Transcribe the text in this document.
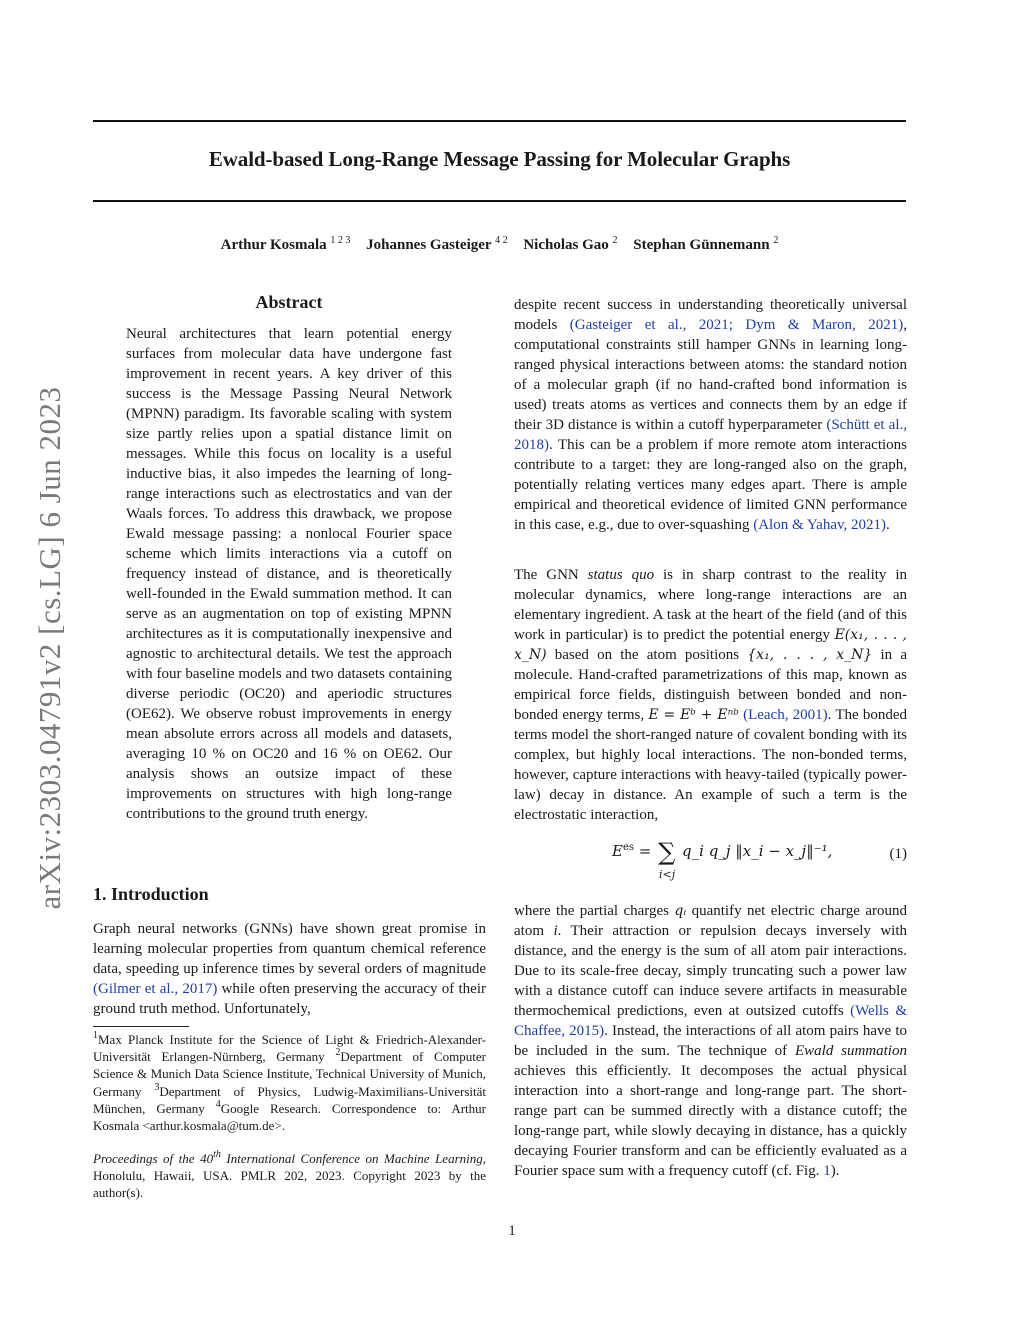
Ewald-based Long-Range Message Passing for Molecular Graphs
Arthur Kosmala $^{1 2 3}$ Johannes Gasteiger $^{4 2}$ Nicholas Gao $^2$ Stephan Günnemann $^2$
arXiv:2303.04791v2 [cs.LG] 6 Jun 2023
Abstract
Neural architectures that learn potential energy surfaces from molecular data have undergone fast improvement in recent years. A key driver of this success is the Message Passing Neural Network (MPNN) paradigm. Its favorable scaling with system size partly relies upon a spatial distance limit on messages. While this focus on locality is a useful inductive bias, it also impedes the learning of long-range interactions such as electrostatics and van der Waals forces. To address this drawback, we propose Ewald message passing: a nonlocal Fourier space scheme which limits interactions via a cutoff on frequency instead of distance, and is theoretically well-founded in the Ewald summation method. It can serve as an augmentation on top of existing MPNN architectures as it is computationally inexpensive and agnostic to architectural details. We test the approach with four baseline models and two datasets containing diverse periodic (OC20) and aperiodic structures (OE62). We observe robust improvements in energy mean absolute errors across all models and datasets, averaging 10 % on OC20 and 16 % on OE62. Our analysis shows an outsize impact of these improvements on structures with high long-range contributions to the ground truth energy.
1. Introduction
Graph neural networks (GNNs) have shown great promise in learning molecular properties from quantum chemical reference data, speeding up inference times by several orders of magnitude (Gilmer et al., 2017) while often preserving the accuracy of their ground truth method. Unfortunately,
$^1$Max Planck Institute for the Science of Light & Friedrich-Alexander-Universität Erlangen-Nürnberg, Germany $^2$Department of Computer Science & Munich Data Science Institute, Technical University of Munich, Germany $^3$Department of Physics, Ludwig-Maximilians-Universität München, Germany $^4$Google Research. Correspondence to: Arthur Kosmala <arthur.kosmala@tum.de>.
Proceedings of the 40th International Conference on Machine Learning, Honolulu, Hawaii, USA. PMLR 202, 2023. Copyright 2023 by the author(s).
despite recent success in understanding theoretically universal models (Gasteiger et al., 2021; Dym & Maron, 2021), computational constraints still hamper GNNs in learning long-ranged physical interactions between atoms: the standard notion of a molecular graph (if no hand-crafted bond information is used) treats atoms as vertices and connects them by an edge if their 3D distance is within a cutoff hyperparameter (Schütt et al., 2018). This can be a problem if more remote atom interactions contribute to a target: they are long-ranged also on the graph, potentially relating vertices many edges apart. There is ample empirical and theoretical evidence of limited GNN performance in this case, e.g., due to over-squashing (Alon & Yahav, 2021).
The GNN status quo is in sharp contrast to the reality in molecular dynamics, where long-range interactions are an elementary ingredient. A task at the heart of the field (and of this work in particular) is to predict the potential energy E(x₁, . . . , x_N) based on the atom positions {x₁, . . . , x_N} in a molecule. Hand-crafted parametrizations of this map, known as empirical force fields, distinguish between bonded and non-bonded energy terms, E = Eᵇ + Eⁿᵇ (Leach, 2001). The bonded terms model the short-ranged nature of covalent bonding with its complex, but highly local interactions. The non-bonded terms, however, capture interactions with heavy-tailed (typically power-law) decay in distance. An example of such a term is the electrostatic interaction,
$E^{es}$ = ∑ q_i q_j ‖x_i − x_j‖⁻¹,
i<j
(1)
where the partial charges qᵢ quantify net electric charge around atom i. Their attraction or repulsion decays inversely with distance, and the energy is the sum of all atom pair interactions. Due to its scale-free decay, simply truncating such a power law with a distance cutoff can induce severe artifacts in measurable thermochemical predictions, even at outsized cutoffs (Wells & Chaffee, 2015). Instead, the interactions of all atom pairs have to be included in the sum. The technique of Ewald summation achieves this efficiently. It decomposes the actual physical interaction into a short-range and long-range part. The short-range part can be summed directly with a distance cutoff; the long-range part, while slowly decaying in distance, has a quickly decaying Fourier transform and can be efficiently evaluated as a Fourier space sum with a frequency cutoff (cf. Fig. 1).
1
